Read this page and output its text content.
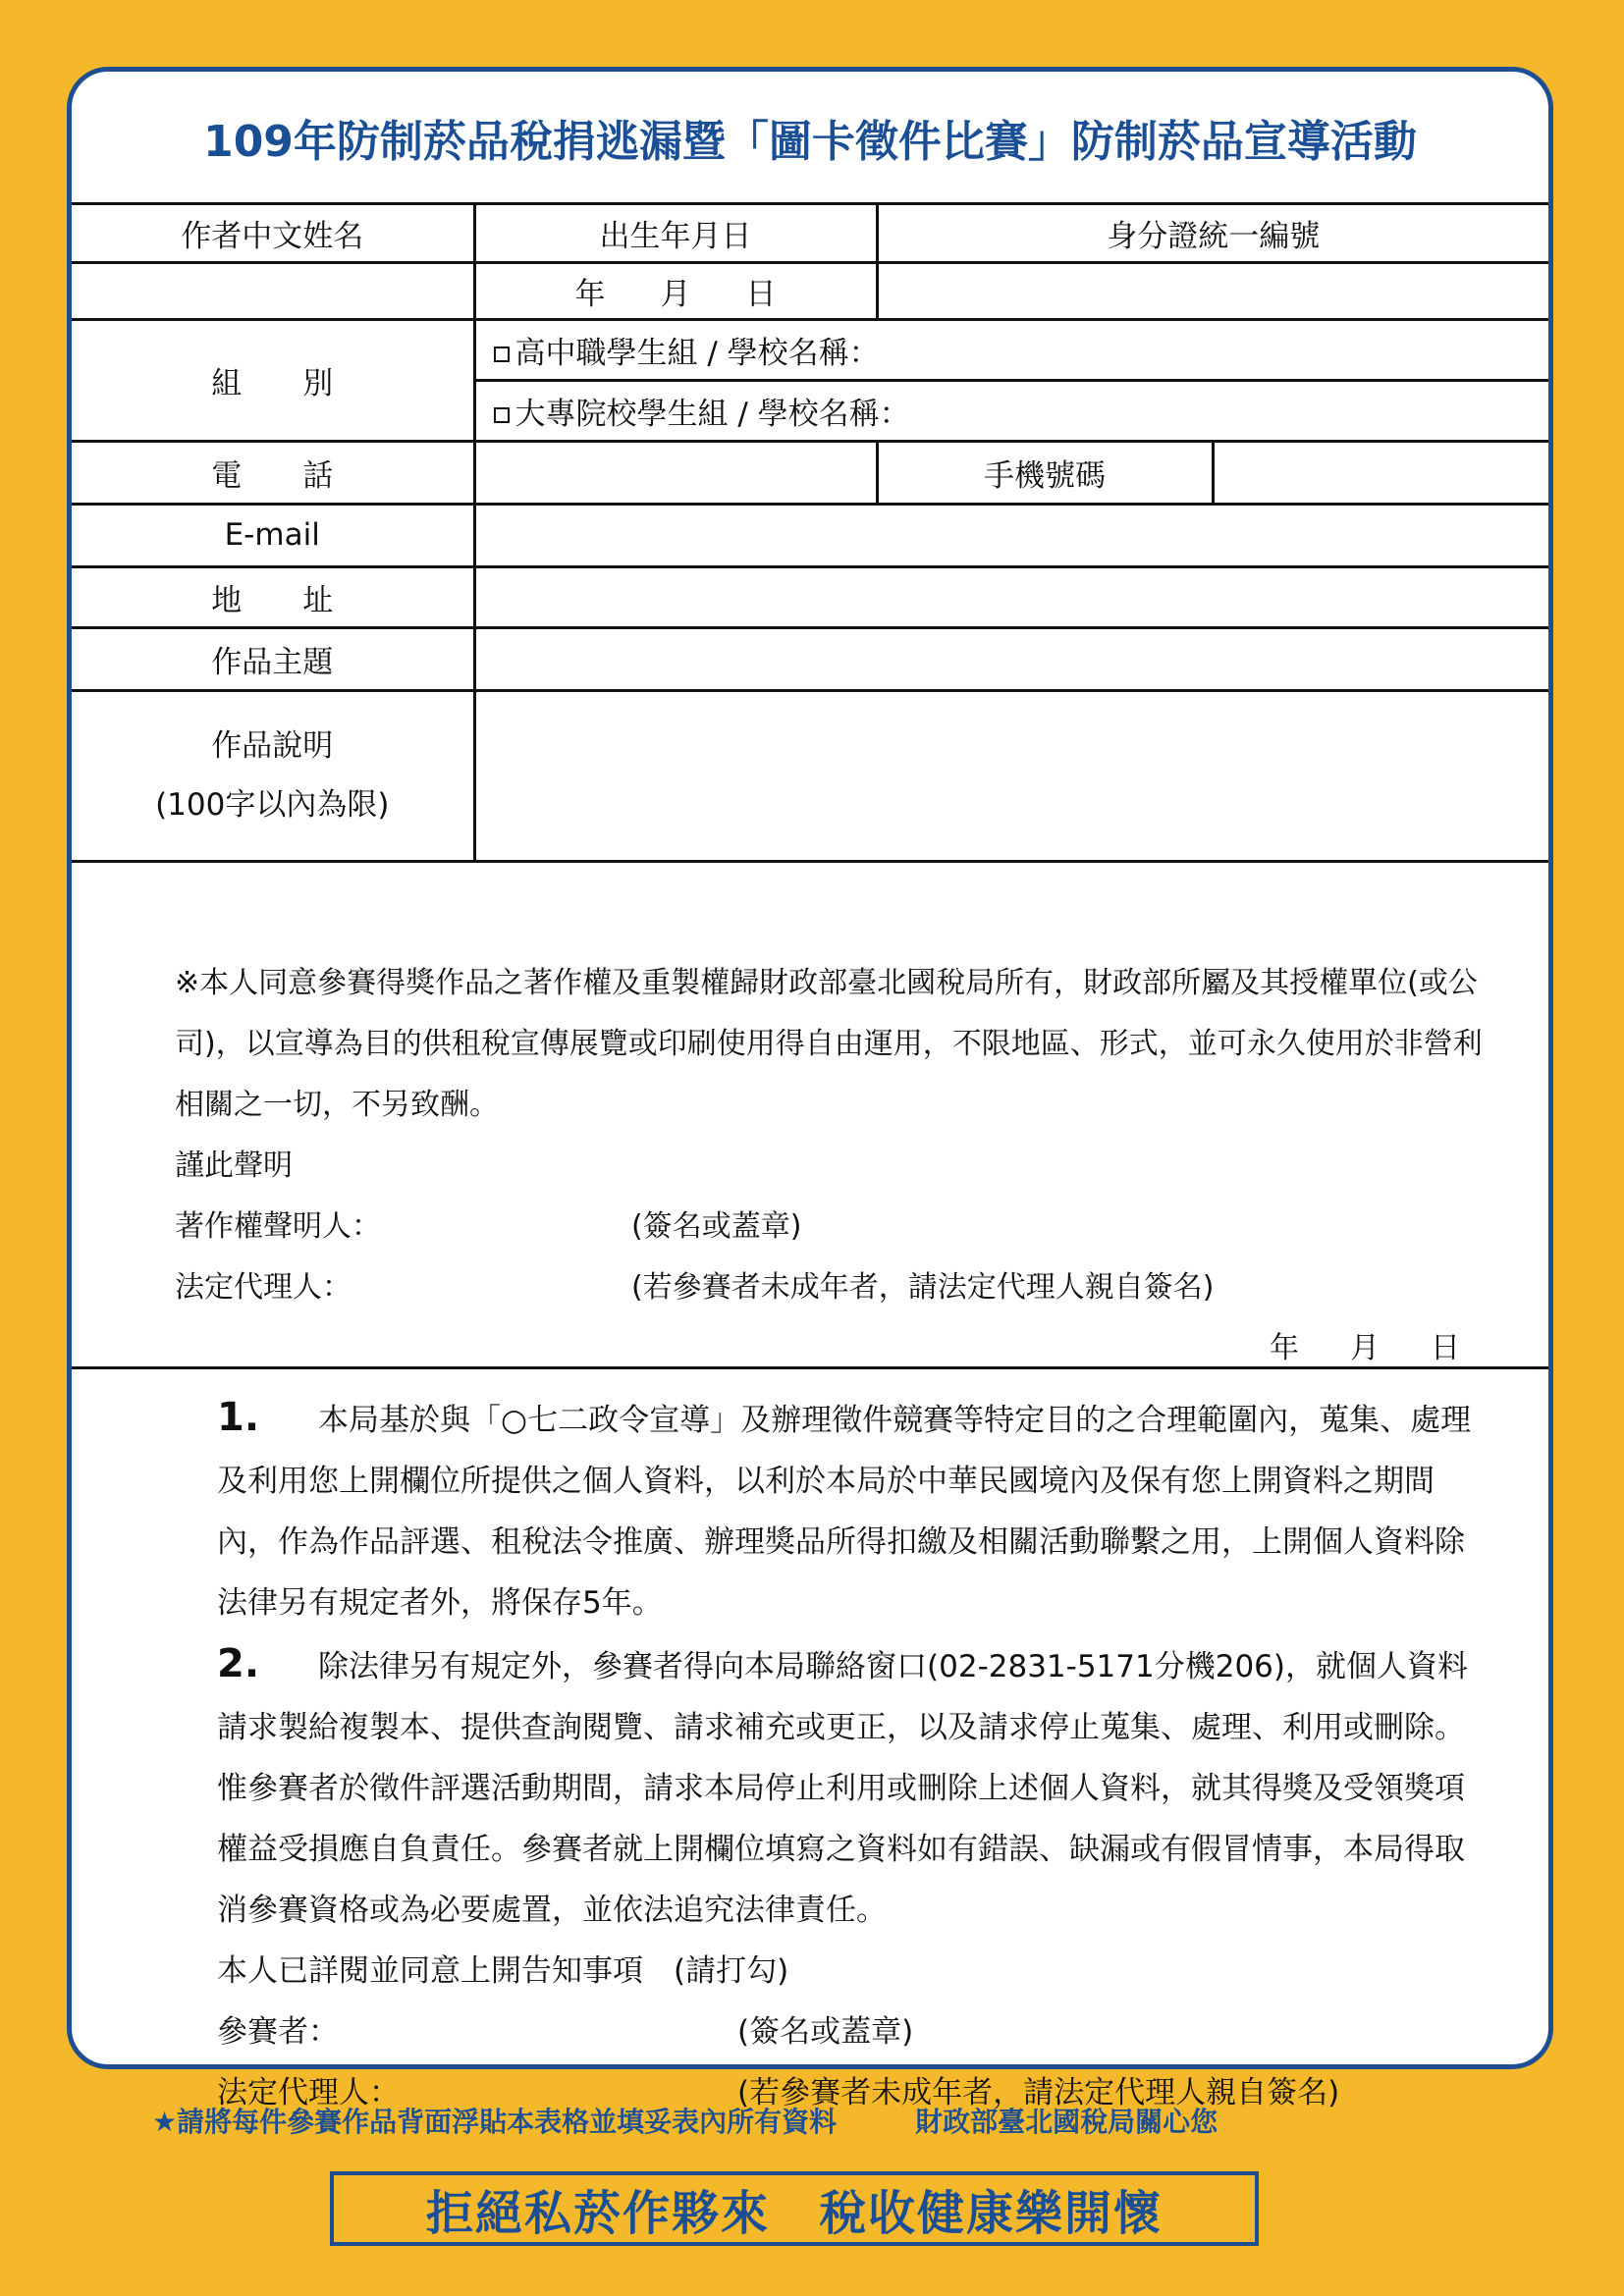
109年防制菸品稅捐逃漏暨「圖卡徵件比賽」防制菸品宣導活動
作者中文姓名	出生年月日	身分證統一編號	
	年 月 日		
組　　別	高中職學生組 / 學校名稱：		
	大專院校學生組 / 學校名稱：		
電　　話		手機號碼	
E-mail			
地　　址			
作品主題			

作品說明
(100字以內為限)			

※本人同意參賽得獎作品之著作權及重製權歸財政部臺北國稅局所有，財政部所屬及其授權單位(或公司)，以宣導為目的供租稅宣傳展覽或印刷使用得自由運用，不限地區、形式，並可永久使用於非營利相關之一切，不另致酬。

謹此聲明

著作權聲明人：	(簽名或蓋章)
法定代理人：	(若參賽者未成年者，請法定代理人親自簽名)
年 月 日

1. 本局基於與「○七二政令宣導」及辦理徵件競賽等特定目的之合理範圍內，蒐集、處理及利用您上開欄位所提供之個人資料，以利於本局於中華民國境內及保有您上開資料之期間內，作為作品評選、租稅法令推廣、辦理獎品所得扣繳及相關活動聯繫之用，上開個人資料除法律另有規定者外，將保存5年。

2. 除法律另有規定外，參賽者得向本局聯絡窗口(02-2831-5171分機206)，就個人資料請求製給複製本、提供查詢閱覽、請求補充或更正，以及請求停止蒐集、處理、利用或刪除。惟參賽者於徵件評選活動期間，請求本局停止利用或刪除上述個人資料，就其得獎及受領獎項權益受損應自負責任。參賽者就上開欄位填寫之資料如有錯誤、缺漏或有假冒情事，本局得取消參賽資格或為必要處置，並依法追究法律責任。

本人已詳閱並同意上開告知事項　(請打勾)

參賽者：	(簽名或蓋章)
法定代理人：	(若參賽者未成年者，請法定代理人親自簽名)
★請將每件參賽作品背面浮貼本表格並填妥表內所有資料	財政部臺北國稅局關心您
拒絕私菸作夥來 稅收健康樂開懷
